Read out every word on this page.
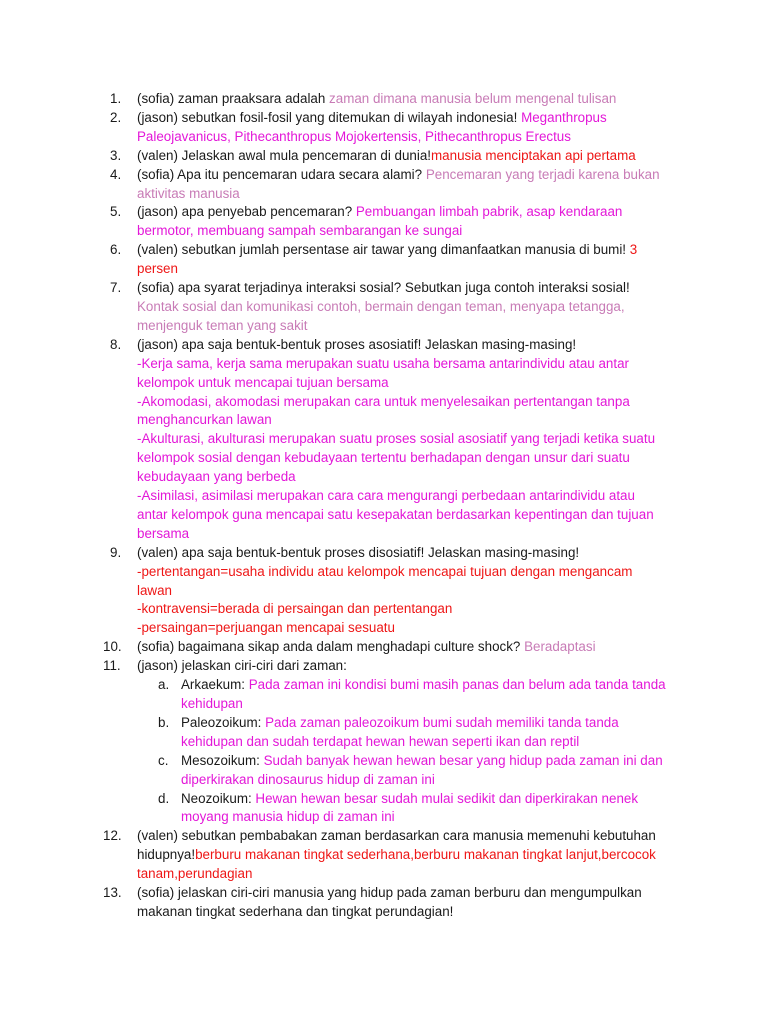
1.	(sofia) zaman praaksara adalah zaman dimana manusia belum mengenal tulisan
2.	(jason) sebutkan fosil-fosil yang ditemukan di wilayah indonesia! Meganthropus Paleojavanicus, Pithecanthropus Mojokertensis, Pithecanthropus Erectus
3.	(valen) Jelaskan awal mula pencemaran di dunia!manusia menciptakan api pertama
4.	(sofia) Apa itu pencemaran udara secara alami? Pencemaran yang terjadi karena bukan aktivitas manusia
5.	(jason) apa penyebab pencemaran? Pembuangan limbah pabrik, asap kendaraan bermotor, membuang sampah sembarangan ke sungai
6.	(valen) sebutkan jumlah persentase air tawar yang dimanfaatkan manusia di bumi! 3 persen
7.	(sofia) apa syarat terjadinya interaksi sosial? Sebutkan juga contoh interaksi sosial!
Kontak sosial dan komunikasi contoh, bermain dengan teman, menyapa tetangga, menjenguk teman yang sakit
8.	(jason) apa saja bentuk-bentuk proses asosiatif! Jelaskan masing-masing!
-Kerja sama, kerja sama merupakan suatu usaha bersama antarindividu atau antar kelompok untuk mencapai tujuan bersama
-Akomodasi, akomodasi merupakan cara untuk menyelesaikan pertentangan tanpa menghancurkan lawan
-Akulturasi, akulturasi merupakan suatu proses sosial asosiatif yang terjadi ketika suatu kelompok sosial dengan kebudayaan tertentu berhadapan dengan unsur dari suatu kebudayaan yang berbeda
-Asimilasi, asimilasi merupakan cara cara mengurangi perbedaan antarindividu atau antar kelompok guna mencapai satu kesepakatan berdasarkan kepentingan dan tujuan bersama
9.	(valen) apa saja bentuk-bentuk proses disosiatif! Jelaskan masing-masing!
-pertentangan=usaha individu atau kelompok mencapai tujuan dengan mengancam lawan
-kontravensi=berada di persaingan dan pertentangan
-persaingan=perjuangan mencapai sesuatu
10.	(sofia) bagaimana sikap anda dalam menghadapi culture shock? Beradaptasi
11.	(jason) jelaskan ciri-ciri dari zaman:
a. Arkaekum: Pada zaman ini kondisi bumi masih panas dan belum ada tanda tanda kehidupan
b. Paleozoikum: Pada zaman paleozoikum bumi sudah memiliki tanda tanda kehidupan dan sudah terdapat hewan hewan seperti ikan dan reptil
c. Mesozoikum: Sudah banyak hewan hewan besar yang hidup pada zaman ini dan diperkirakan dinosaurus hidup di zaman ini
d. Neozoikum: Hewan hewan besar sudah mulai sedikit dan diperkirakan nenek moyang manusia hidup di zaman ini
12.	(valen) sebutkan pembabakan zaman berdasarkan cara manusia memenuhi kebutuhan hidupnya!berburu makanan tingkat sederhana,berburu makanan tingkat lanjut,bercocok tanam,perundagian
13.	(sofia) jelaskan ciri-ciri manusia yang hidup pada zaman berburu dan mengumpulkan makanan tingkat sederhana dan tingkat perundagian!
